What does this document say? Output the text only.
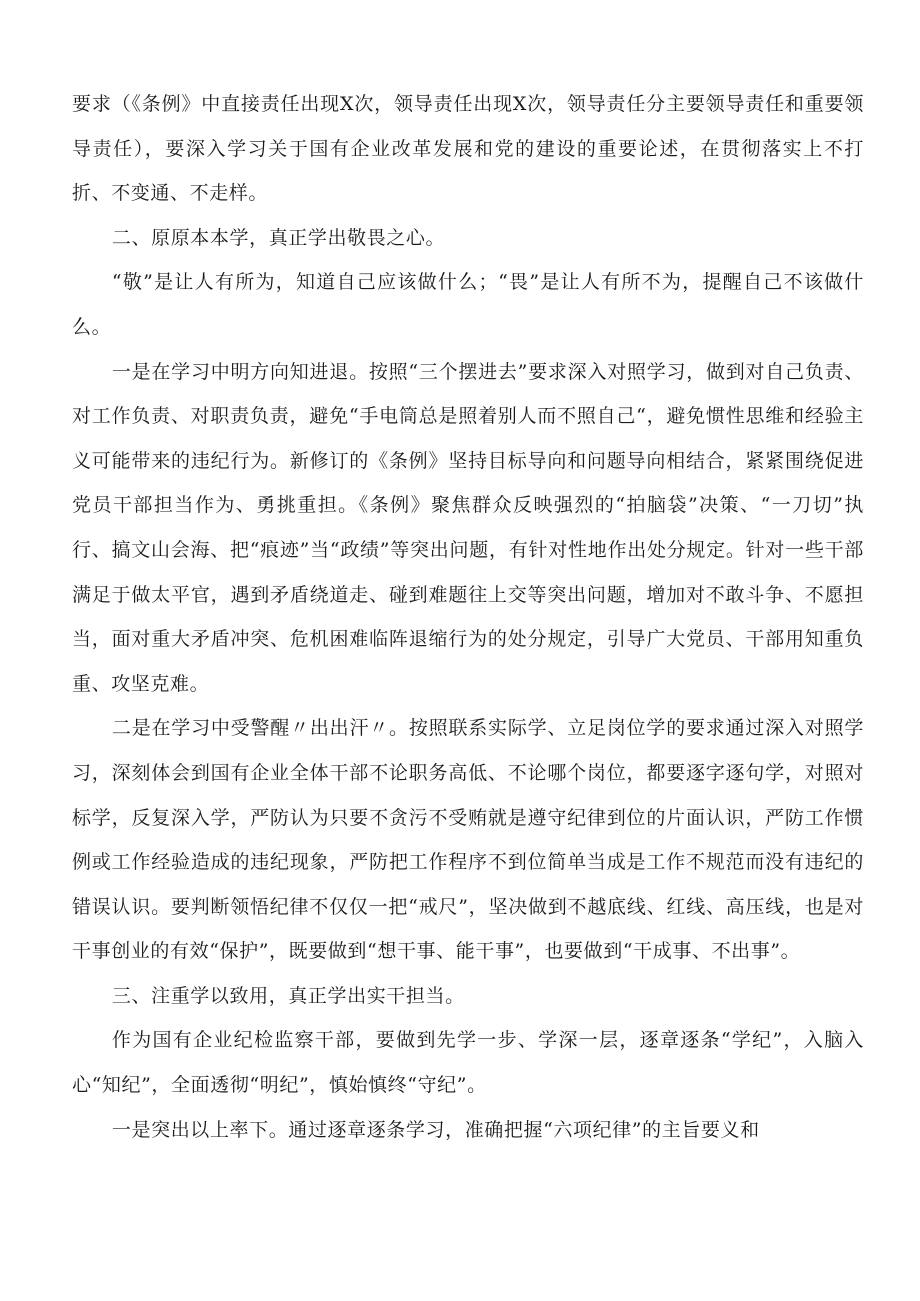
要求（《条例》中直接责任出现X次，领导责任出现X次，领导责任分主要领导责任和重要领导责任），要深入学习关于国有企业改革发展和党的建设的重要论述，在贯彻落实上不打折、不变通、不走样。

二、原原本本学，真正学出敬畏之心。

“敬”是让人有所为，知道自己应该做什么；“畏”是让人有所不为，提醒自己不该做什么。

一是在学习中明方向知进退。按照“三个摆进去”要求深入对照学习，做到对自己负责、对工作负责、对职责负责，避免“手电筒总是照着别人而不照自己“，避免惯性思维和经验主义可能带来的违纪行为。新修订的《条例》坚持目标导向和问题导向相结合，紧紧围绕促进党员干部担当作为、勇挑重担。《条例》聚焦群众反映强烈的“拍脑袋”决策、“一刀切”执行、搞文山会海、把“痕迹”当“政绩”等突出问题，有针对性地作出处分规定。针对一些干部满足于做太平官，遇到矛盾绕道走、碰到难题往上交等突出问题，增加对不敢斗争、不愿担当，面对重大矛盾冲突、危机困难临阵退缩行为的处分规定，引导广大党员、干部用知重负重、攻坚克难。

二是在学习中受警醒〃出出汗〃。按照联系实际学、立足岗位学的要求通过深入对照学习，深刻体会到国有企业全体干部不论职务高低、不论哪个岗位，都要逐字逐句学，对照对标学，反复深入学，严防认为只要不贪污不受贿就是遵守纪律到位的片面认识，严防工作惯例或工作经验造成的违纪现象，严防把工作程序不到位简单当成是工作不规范而没有违纪的错误认识。要判断领悟纪律不仅仅一把“戒尺”，坚决做到不越底线、红线、高压线，也是对干事创业的有效“保护”，既要做到“想干事、能干事”，也要做到“干成事、不出事”。

三、注重学以致用，真正学出实干担当。

作为国有企业纪检监察干部，要做到先学一步、学深一层，逐章逐条“学纪”，入脑入心“知纪”，全面透彻“明纪”，慎始慎终“守纪”。

一是突出以上率下。通过逐章逐条学习，准确把握“六项纪律”的主旨要义和
